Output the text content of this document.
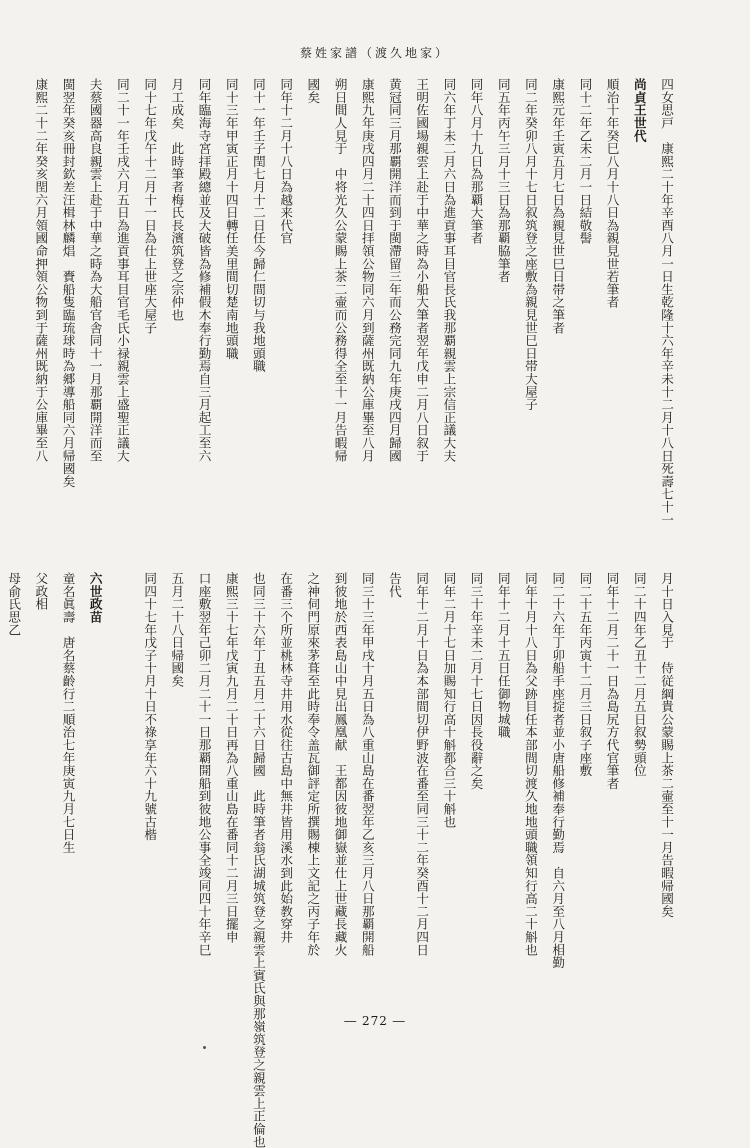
蔡姓家譜（渡久地家）
四女思戸　康熙二十年辛酉八月一日生乾隆十六年辛未十二月十八日死壽七十一
尚貞王世代
順治十年癸巳八月十八日為親見世若筆者
同十二年乙未二月一日結敬髻
康熙元年壬寅五月七日為親見世巳日帯之筆者
同二年癸卯八月十七日叙筑登之座敷為親見世巳日帯大屋子
同五年丙午三月十三日為那覇脇筆者
同年八月十九日為那覇大筆者
同六年丁未二月六日為進貢事耳目官長氏我那覇親雲上宗信正議大夫
王明佐國場親雲上赴于中華之時為小船大筆者翌年戊申二月八日叙于
黄冠同三月那覇開洋而到于閩滯留三年而公務完同九年庚戌四月歸國
康熙九年庚戌四月二十四日拝領公物同六月到薩州既納公庫畢至八月
朔日間人見于　中将光久公蒙賜上茶二壷而公務得全至十一月告暇帰
國矣
同年十二月十八日為越来代官
同十一年壬子閏七月十二日任今歸仁間切与我地頭職
同十三年甲寅正月十四日轉任美里間切楚南地頭職
同年臨海寺宮拝殿總並及大破皆為修補假木奉行勤焉自三月起工至六
月工成矣　此時筆者梅氏長濱筑登之宗仲也
同十七年戊午十二月十一日為仕上世座大屋子
同二十一年壬戌六月五日為進貢事耳目官毛氏小禄親雲上盛聖正議大
夫蔡國器高良親雲上赴于中華之時為大船官舎同十一月那覇開洋而至
閩翌年癸亥冊封欽差汪楫林麟焻　賚船隻臨琉球時為郷導船同六月帰國矣
康熙二十二年癸亥閏六月領國命押領公物到于薩州既納于公庫畢至八
月十日入見于　侍従綱貴公蒙賜上茶二壷至十一月告暇帰國矣
同二十四年乙丑十二月五日叙勢頭位
同年十二月二十一日為島尻方代官筆者
同二十五年丙寅十二月三日叙子座敷
同二十六年丁卯船手座掟者並小唐船修補奉行勤焉　自六月至八月相勤
同年十月十八日為父跡目任本部間切渡久地地頭職領知行高二十斛也
同年十二月十五日任御物城職
同三十年辛未二月十七日因長役辭之矣
同年二月十七日加賜知行高十斛都合三十斛也
同年十二月十日為本部間切伊野波在番至同三十二年癸酉十二月四日
告代
同三十三年甲戌十月五日為八重山島在番翌年乙亥三月八日那覇開船
到彼地於西表島山中見出鳳凰献　王都因彼地御嶽並仕上世藏長藏火
之神伺門原來茅葺至此時奉令盖瓦御評定所撰賜棟上文記之丙子年於
在番三个所並桃林寺井用水從往古島中無井皆用溪水到此始教穿井
也同三十六年丁丑五月二十六日歸國　此時筆者翁氏湖城筑登之親雲上賓氏與那嶺筑登之親雲上正倫也
康熙三十七年戊寅九月二十日再為八重山島在番同十二月三日擺申
口座敷翌年己卯二月二十一日那覇開船到彼地公事全竣同四十年辛巳
五月二十八日帰國矣
同四十七年戊子十月十日不祿享年六十九號古楷

六世政苗
童名眞壽　唐名蔡齡行二順治七年庚寅九月七日生
父政相
母俞氏思乙
― 272 ―
